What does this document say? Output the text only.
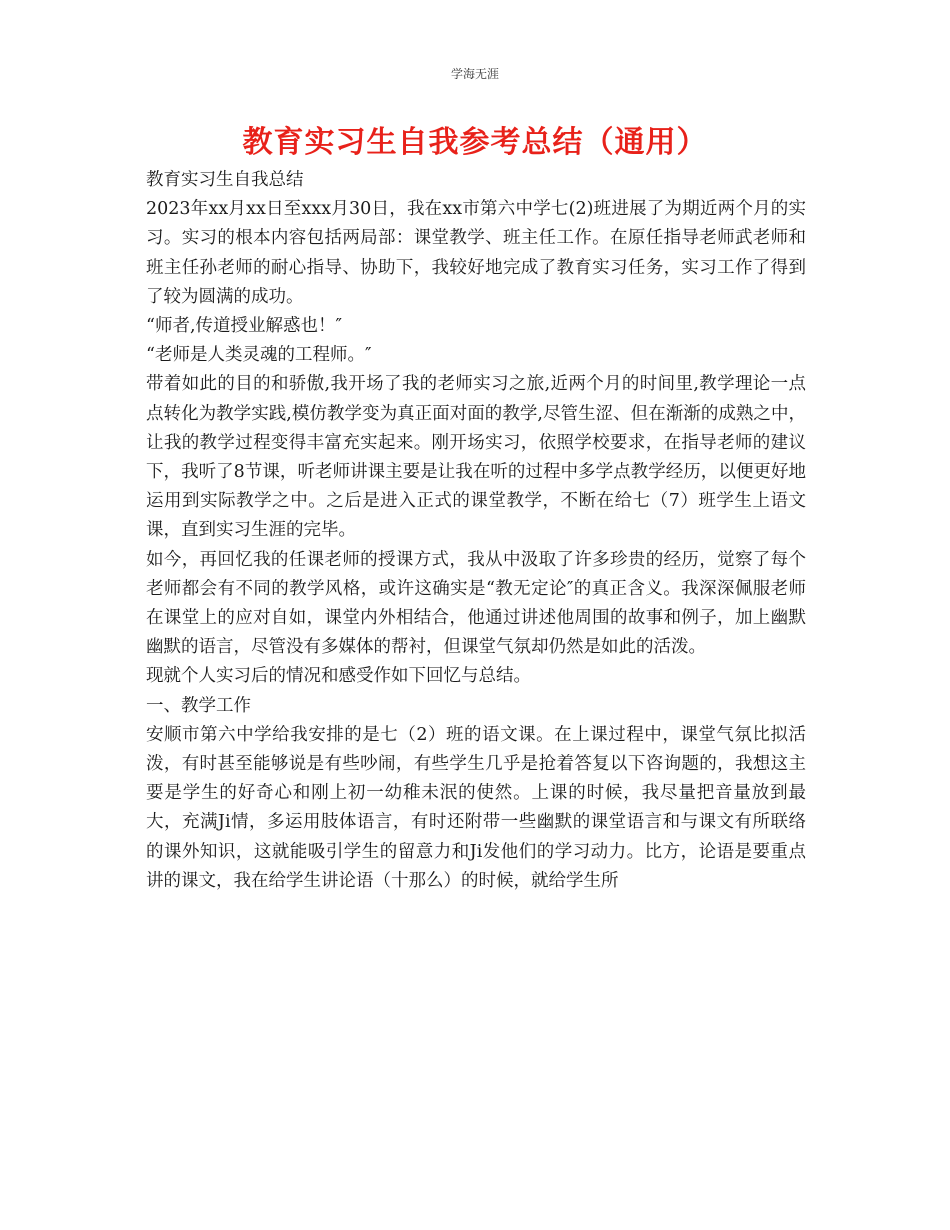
学海无涯
教育实习生自我参考总结（通用）

教育实习生自我总结

2023年xx月xx日至xxx月30日，我在xx市第六中学七(2)班进展了为期近两个月的实习。实习的根本内容包括两局部：课堂教学、班主任工作。在原任指导老师武老师和班主任孙老师的耐心指导、协助下，我较好地完成了教育实习任务，实习工作了得到了较为圆满的成功。

“师者,传道授业解惑也！″

“老师是人类灵魂的工程师。″

带着如此的目的和骄傲,我开场了我的老师实习之旅,近两个月的时间里,教学理论一点点转化为教学实践,模仿教学变为真正面对面的教学,尽管生涩、但在渐渐的成熟之中，让我的教学过程变得丰富充实起来。刚开场实习，依照学校要求，在指导老师的建议下，我听了8节课，听老师讲课主要是让我在听的过程中多学点教学经历，以便更好地运用到实际教学之中。之后是进入正式的课堂教学，不断在给七（7）班学生上语文课，直到实习生涯的完毕。

如今，再回忆我的任课老师的授课方式，我从中汲取了许多珍贵的经历，觉察了每个老师都会有不同的教学风格，或许这确实是“教无定论″的真正含义。我深深佩服老师在课堂上的应对自如，课堂内外相结合，他通过讲述他周围的故事和例子，加上幽默幽默的语言，尽管没有多媒体的帮衬，但课堂气氛却仍然是如此的活泼。

现就个人实习后的情况和感受作如下回忆与总结。

一、教学工作

安顺市第六中学给我安排的是七（2）班的语文课。在上课过程中，课堂气氛比拟活泼，有时甚至能够说是有些吵闹，有些学生几乎是抢着答复以下咨询题的，我想这主要是学生的好奇心和刚上初一幼稚未泯的使然。上课的时候，我尽量把音量放到最大，充满Ji情，多运用肢体语言，有时还附带一些幽默的课堂语言和与课文有所联络的课外知识，这就能吸引学生的留意力和Ji发他们的学习动力。比方，论语是要重点讲的课文，我在给学生讲论语（十那么）的时候，就给学生所
